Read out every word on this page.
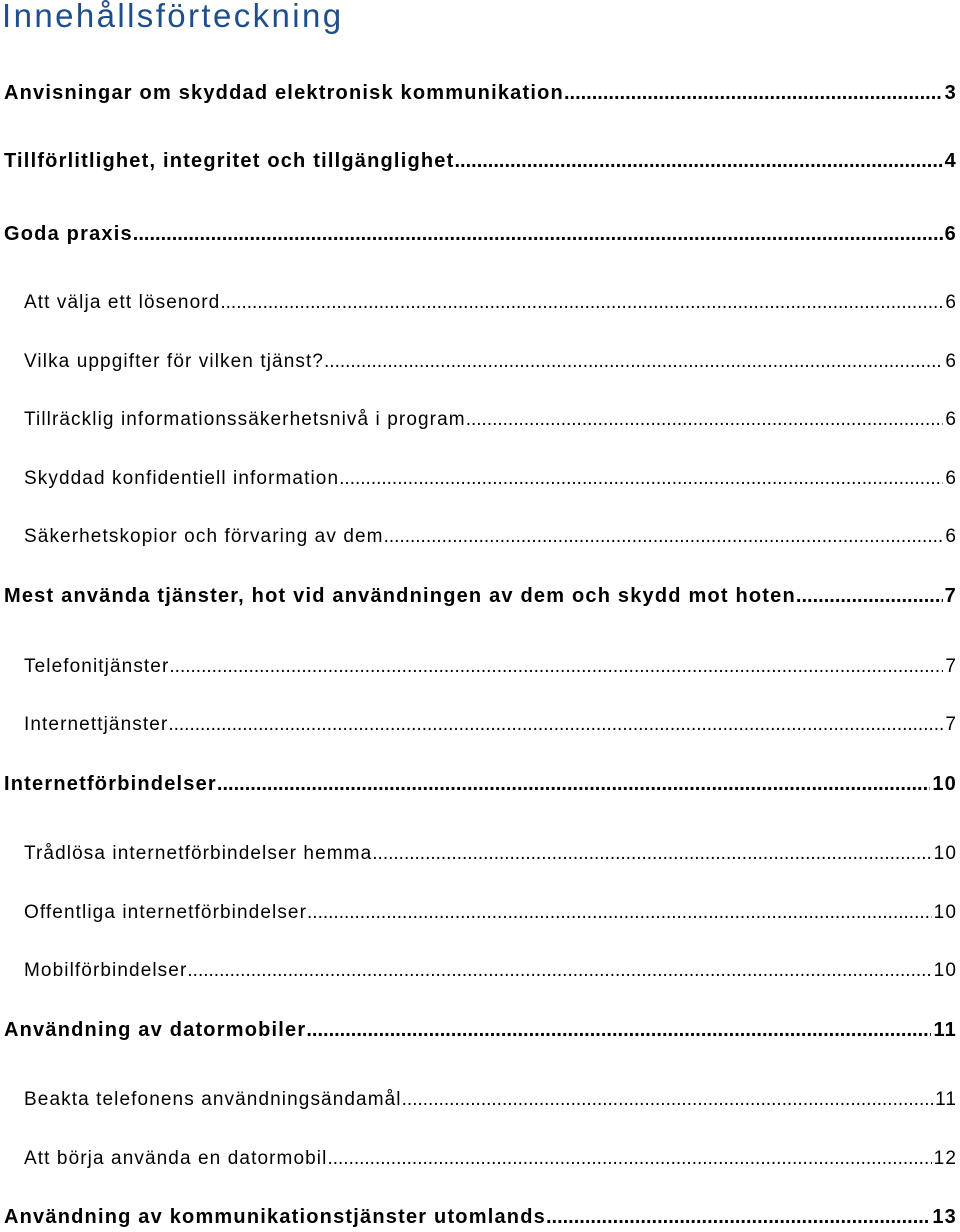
Innehållsförteckning
Anvisningar om skyddad elektronisk kommunikation .....	3
Tillförlitlighet, integritet och tillgänglighet .....	4
Goda praxis .....	6
Att välja ett lösenord .....	6
Vilka uppgifter för vilken tjänst? .....	6
Tillräcklig informationssäkerhetsnivå i program .....	6
Skyddad konfidentiell information .....	6
Säkerhetskopior och förvaring av dem .....	6
Mest använda tjänster, hot vid användningen av dem och skydd mot hoten .....	7
Telefonitjänster .....	7
Internettjänster .....	7
Internetförbindelser .....	10
Trådlösa internetförbindelser hemma .....	10
Offentliga internetförbindelser .....	10
Mobilförbindelser .....	10
Användning av datormobiler .....	11
Beakta telefonens användningsändamål .....	11
Att börja använda en datormobil .....	12
Användning av kommunikationstjänster utomlands .....	13
